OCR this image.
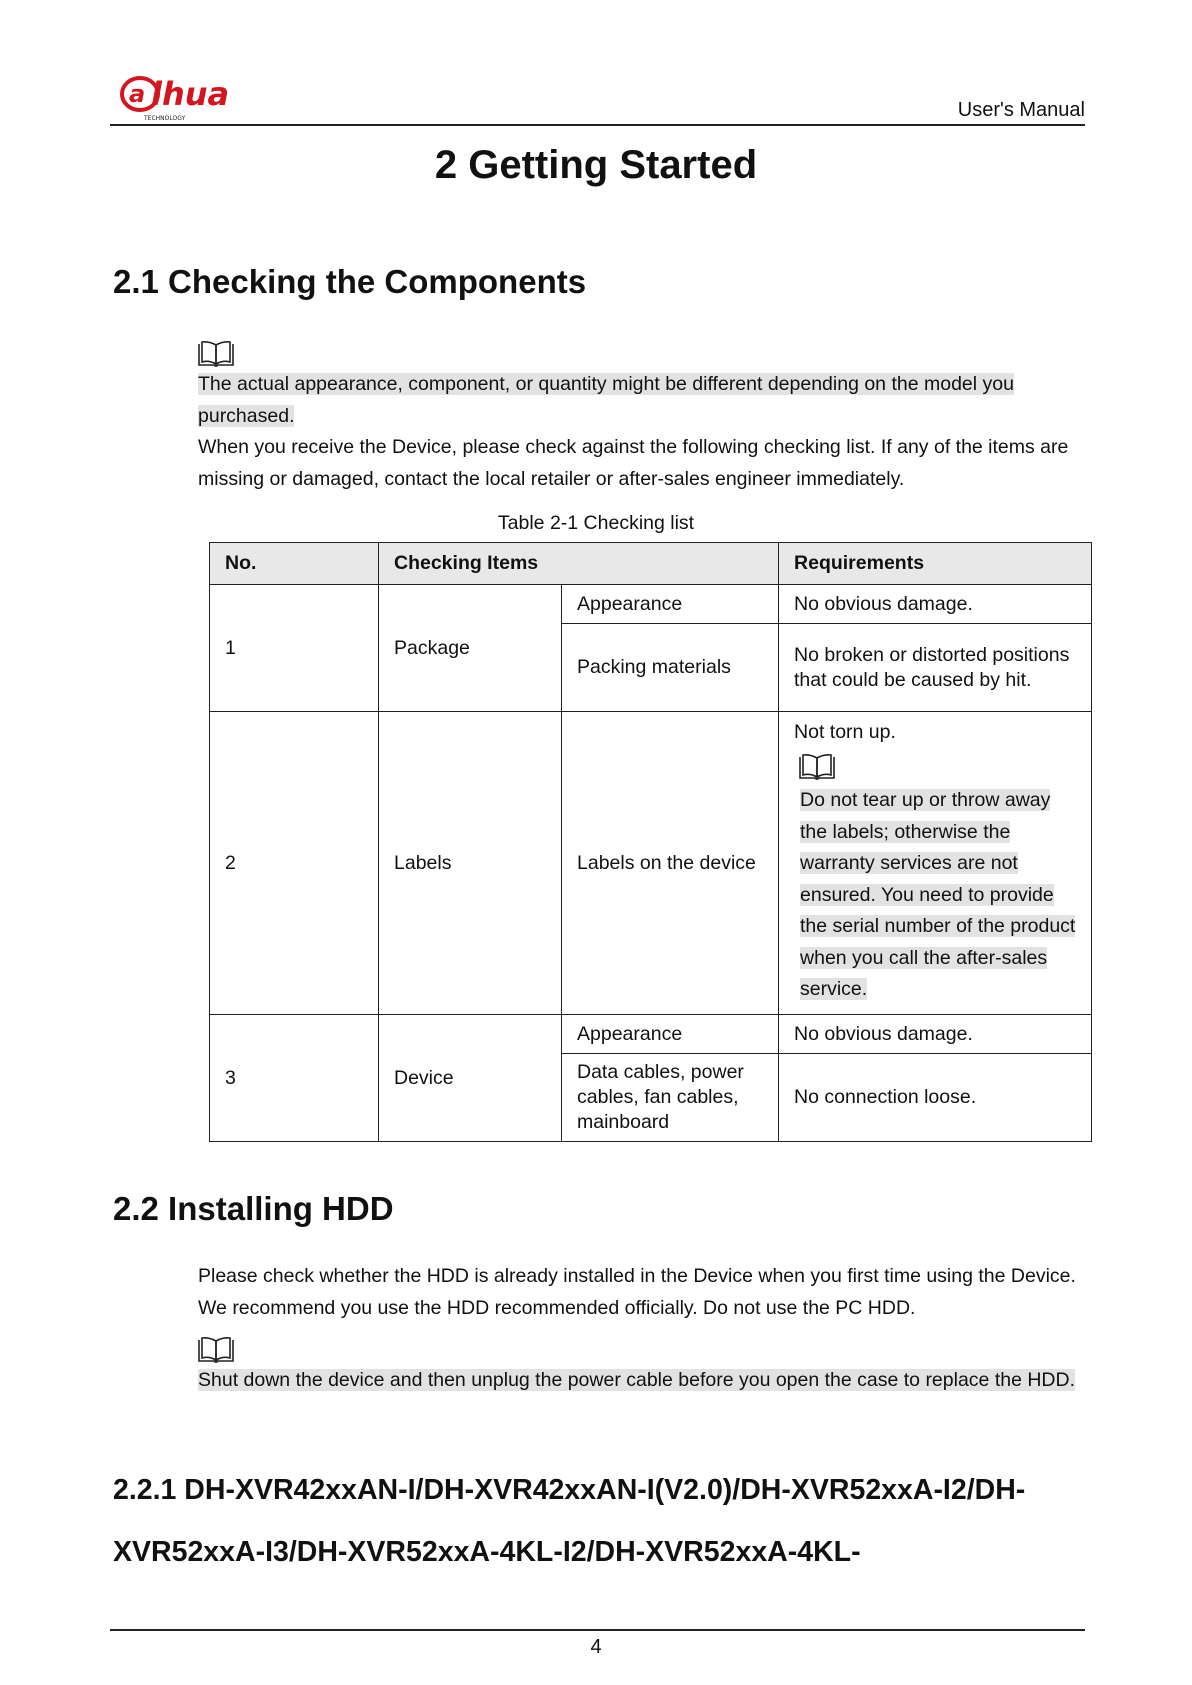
a lhua
TECHNOLOGY	User's Manual
2 Getting Started
2.1 Checking the Components

The actual appearance, component, or quantity might be different depending on the model you purchased.

When you receive the Device, please check against the following checking list. If any of the items are missing or damaged, contact the local retailer or after-sales engineer immediately.

Table 2-1 Checking list
No.	Checking Items		Requirements
1	Package	Appearance	No obvious damage.
		Packing materials	No broken or distorted positions that could be caused by hit.
2	Labels	Labels on the device	Not torn up.
Do not tear up or throw away the labels; otherwise the warranty services are not ensured. You need to provide the serial number of the product when you call the after-sales service.

3	Device	Appearance	No obvious damage.
		Data cables, power cables, fan cables, mainboard	No connection loose.
2.2 Installing HDD

Please check whether the HDD is already installed in the Device when you first time using the Device. We recommend you use the HDD recommended officially. Do not use the PC HDD.

Shut down the device and then unplug the power cable before you open the case to replace the HDD.

2.2.1 DH-XVR42xxAN-I/DH-XVR42xxAN-I(V2.0)/DH-XVR52xxA-I2/DH-XVR52xxA-I3/DH-XVR52xxA-4KL-I2/DH-XVR52xxA-4KL-
4
